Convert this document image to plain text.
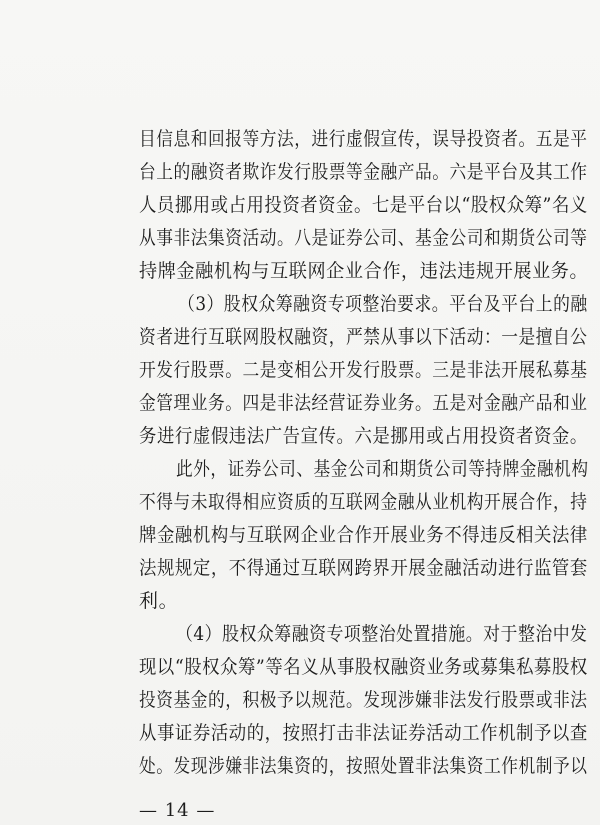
目信息和回报等方法，进行虚假宣传，误导投资者。五是平
台上的融资者欺诈发行股票等金融产品。六是平台及其工作
人员挪用或占用投资者资金。七是平台以“股权众筹”名义
从事非法集资活动。八是证券公司、基金公司和期货公司等
持牌金融机构与互联网企业合作，违法违规开展业务。
（3）股权众筹融资专项整治要求。平台及平台上的融
资者进行互联网股权融资，严禁从事以下活动：一是擅自公
开发行股票。二是变相公开发行股票。三是非法开展私募基
金管理业务。四是非法经营证券业务。五是对金融产品和业
务进行虚假违法广告宣传。六是挪用或占用投资者资金。
此外，证券公司、基金公司和期货公司等持牌金融机构
不得与未取得相应资质的互联网金融从业机构开展合作，持
牌金融机构与互联网企业合作开展业务不得违反相关法律
法规规定，不得通过互联网跨界开展金融活动进行监管套
利。
（4）股权众筹融资专项整治处置措施。对于整治中发
现以“股权众筹”等名义从事股权融资业务或募集私募股权
投资基金的，积极予以规范。发现涉嫌非法发行股票或非法
从事证券活动的，按照打击非法证券活动工作机制予以查
处。发现涉嫌非法集资的，按照处置非法集资工作机制予以
— 14 —
